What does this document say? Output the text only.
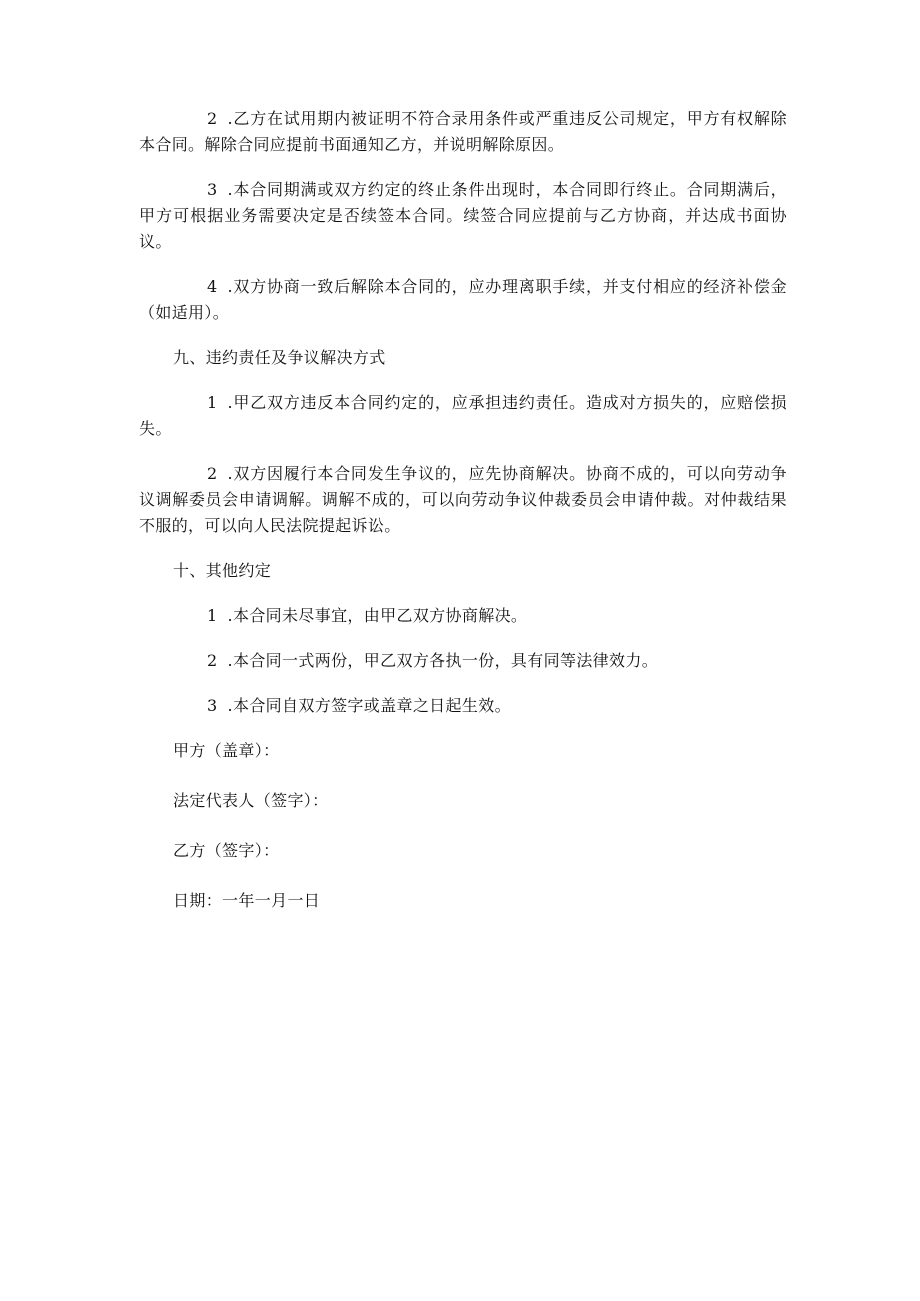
2 .乙方在试用期内被证明不符合录用条件或严重违反公司规定，甲方有权解除本合同。解除合同应提前书面通知乙方，并说明解除原因。

3 .本合同期满或双方约定的终止条件出现时，本合同即行终止。合同期满后，甲方可根据业务需要决定是否续签本合同。续签合同应提前与乙方协商，并达成书面协议。

4 .双方协商一致后解除本合同的，应办理离职手续，并支付相应的经济补偿金（如适用）。

九、违约责任及争议解决方式

1 .甲乙双方违反本合同约定的，应承担违约责任。造成对方损失的，应赔偿损失。

2 .双方因履行本合同发生争议的，应先协商解决。协商不成的，可以向劳动争议调解委员会申请调解。调解不成的，可以向劳动争议仲裁委员会申请仲裁。对仲裁结果不服的，可以向人民法院提起诉讼。

十、其他约定

1 .本合同未尽事宜，由甲乙双方协商解决。

2 .本合同一式两份，甲乙双方各执一份，具有同等法律效力。

3 .本合同自双方签字或盖章之日起生效。

甲方（盖章）：

法定代表人（签字）：

乙方（签字）：

日期：一年一月一日
